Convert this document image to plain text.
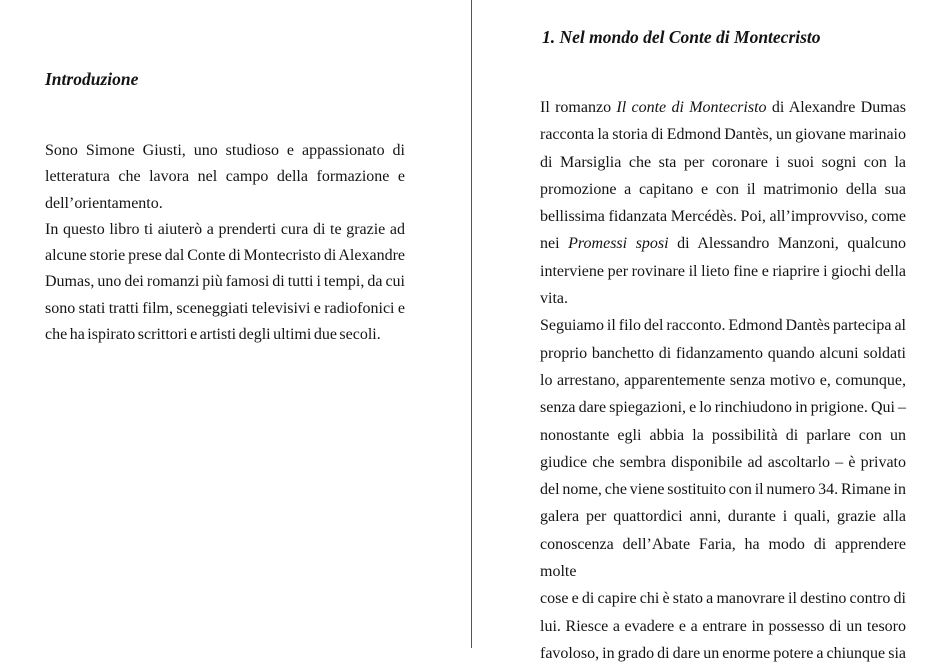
Introduzione
Sono Simone Giusti, uno studioso e appassionato di
letteratura che lavora nel campo della formazione e
dell’orientamento.
In questo libro ti aiuterò a prenderti cura di te grazie ad
alcune storie prese dal Conte di Montecristo di Alexandre
Dumas, uno dei romanzi più famosi di tutti i tempi, da cui
sono stati tratti film, sceneggiati televisivi e radiofonici e
che ha ispirato scrittori e artisti degli ultimi due secoli.
1. Nel mondo del Conte di Montecristo
Il romanzo Il conte di Montecristo di Alexandre Dumas
racconta la storia di Edmond Dantès, un giovane marinaio
di Marsiglia che sta per coronare i suoi sogni con la
promozione a capitano e con il matrimonio della sua
bellissima fidanzata Mercédès. Poi, all’improvviso, come
nei Promessi sposi di Alessandro Manzoni, qualcuno
interviene per rovinare il lieto fine e riaprire i giochi della
vita.
Seguiamo il filo del racconto. Edmond Dantès partecipa al
proprio banchetto di fidanzamento quando alcuni soldati
lo arrestano, apparentemente senza motivo e, comunque,
senza dare spiegazioni, e lo rinchiudono in prigione. Qui –
nonostante egli abbia la possibilità di parlare con un
giudice che sembra disponibile ad ascoltarlo – è privato
del nome, che viene sostituito con il numero 34. Rimane in
galera per quattordici anni, durante i quali, grazie alla
conoscenza dell’Abate Faria, ha modo di apprendere molte
cose e di capire chi è stato a manovrare il destino contro di
lui. Riesce a evadere e a entrare in possesso di un tesoro
favoloso, in grado di dare un enorme potere a chiunque sia
